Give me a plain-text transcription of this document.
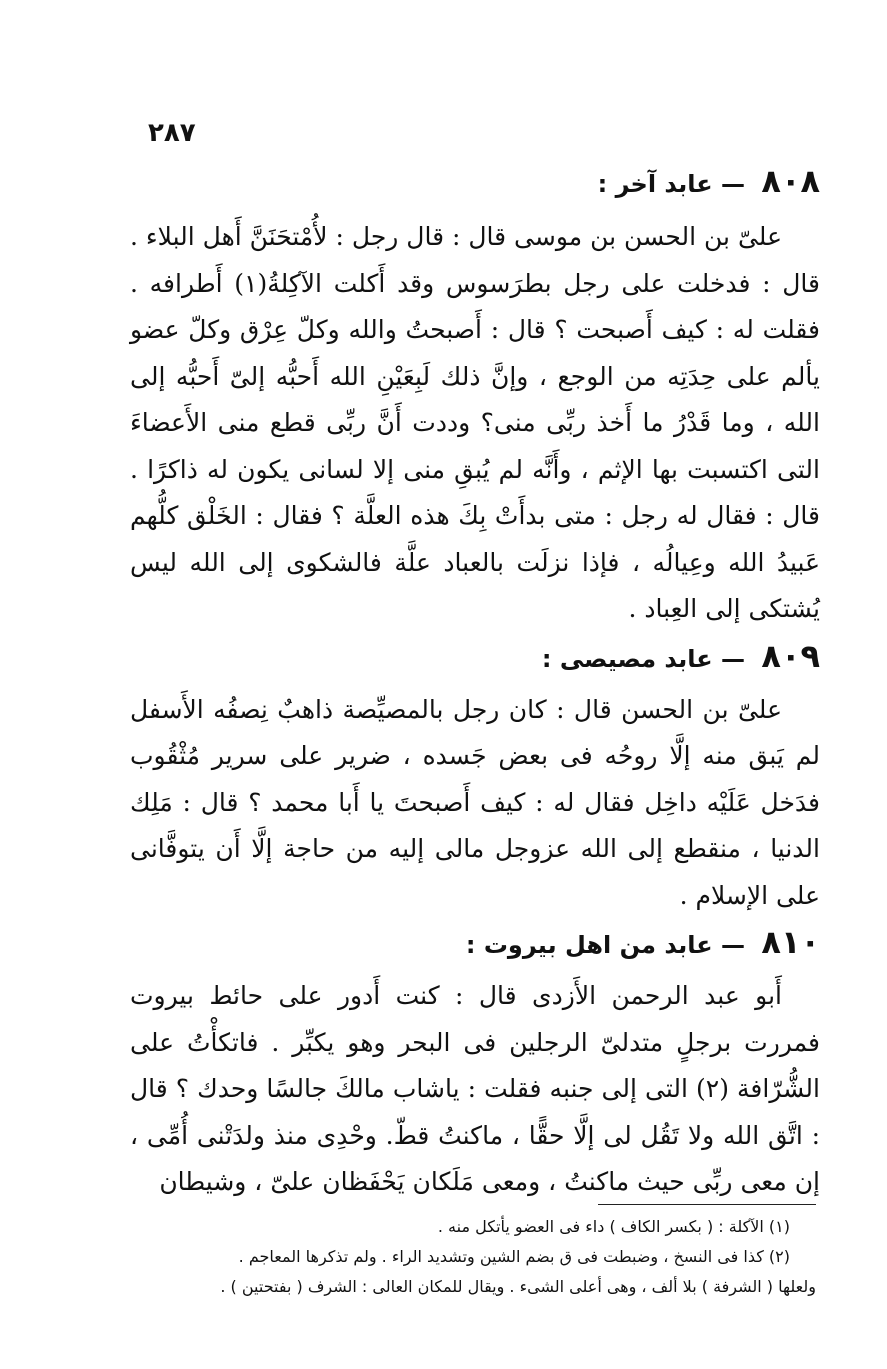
٢٨٧
٨٠٨ — عابد آخر :

علىّ بن الحسن بن موسى قال : قال رجل : لأُمْتحَنَنَّ أَهل البلاء . قال : فدخلت على رجل بطرَسوس وقد أَكلت الآكِلةُ(١) أَطرافه . فقلت له : كيف أَصبحت ؟ قال : أَصبحتُ والله وكلّ عِرْق وكلّ عضو يألم على حِدَتِه من الوجع ، وإنَّ ذلك لَبِعَيْنِ الله أَحبُّه إلىّ أَحبُّه إلى الله ، وما قَدْرُ ما أَخذ ربِّى منى؟ وددت أَنَّ ربِّى قطع منى الأَعضاءَ التى اكتسبت بها الإثم ، وأَنَّه لم يُبقِ منى إلا لسانى يكون له ذاكرًا . قال : فقال له رجل : متى بدأَتْ بِكَ هذه العلَّة ؟ فقال : الخَلْق كلُّهم عَبيدُ الله وعِيالُه ، فإذا نزلَت بالعباد علَّة فالشكوى إلى الله ليس يُشتكى إلى العِباد .

٨٠٩ — عابد مصيصى :

علىّ بن الحسن قال : كان رجل بالمصيِّصة ذاهبٌ نِصفُه الأَسفل لم يَبق منه إلَّا روحُه فى بعض جَسده ، ضرير على سرير مُثْقُوب فدَخل عَلَيْه داخِل فقال له : كيف أَصبحتَ يا أَبا محمد ؟ قال : مَلِك الدنيا ، منقطع إلى الله عزوجل مالى إليه من حاجة إلَّا أَن يتوفَّانى على الإسلام .

٨١٠ — عابد من اهل بيروت :

أَبو عبد الرحمن الأَزدى قال : كنت أَدور على حائط بيروت فمررت برجلٍ متدلىّ الرجلين فى البحر وهو يكبِّر . فاتكأْتُ على الشُّرّافة (٢) التى إلى جنبه فقلت : ياشاب مالكَ جالسًا وحدك ؟ قال : اتَّق الله ولا تَقُل لى إلَّا حقًّا ، ماكنتُ قطّ. وحْدِى منذ ولدَتْنى أُمِّى ، إن معى ربِّى حيث ماكنتُ ، ومعى مَلَكان يَحْفَظان علىّ ، وشيطان

(١) الآكلة : ( بكسر الكاف ) داء فى العضو يأتكل منه .

(٢) كذا فى النسخ ، وضبطت فى ق بضم الشين وتشديد الراء . ولم تذكرها المعاجم .

ولعلها ( الشرفة ) بلا ألف ، وهى أعلى الشىء . ويقال للمكان العالى : الشرف ( بفتحتين ) .
